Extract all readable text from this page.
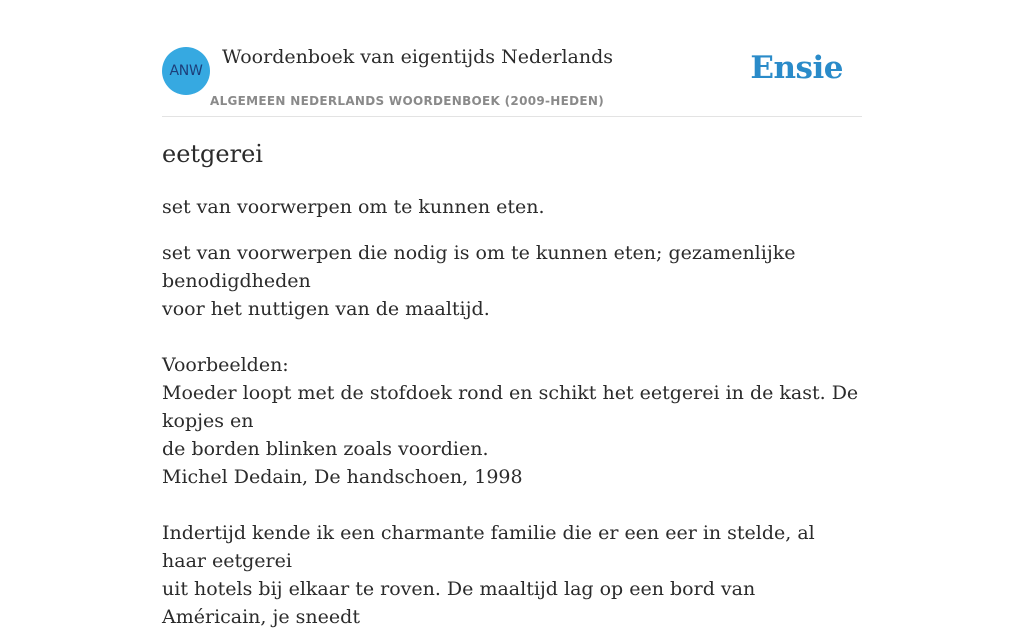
ANW
Woordenboek van eigentijds Nederlands
ALGEMEEN NEDERLANDS WOORDENBOEK (2009-HEDEN)
Ensie
eetgerei

set van voorwerpen om te kunnen eten.

set van voorwerpen die nodig is om te kunnen eten; gezamenlijke benodigdheden

voor het nuttigen van de maaltijd.

Voorbeelden:

Moeder loopt met de stofdoek rond en schikt het eetgerei in de kast. De kopjes en

de borden blinken zoals voordien.

Michel Dedain, De handschoen, 1998

Indertijd kende ik een charmante familie die er een eer in stelde, al haar eetgerei

uit hotels bij elkaar te roven. De maaltijd lag op een bord van Américain, je sneedt
